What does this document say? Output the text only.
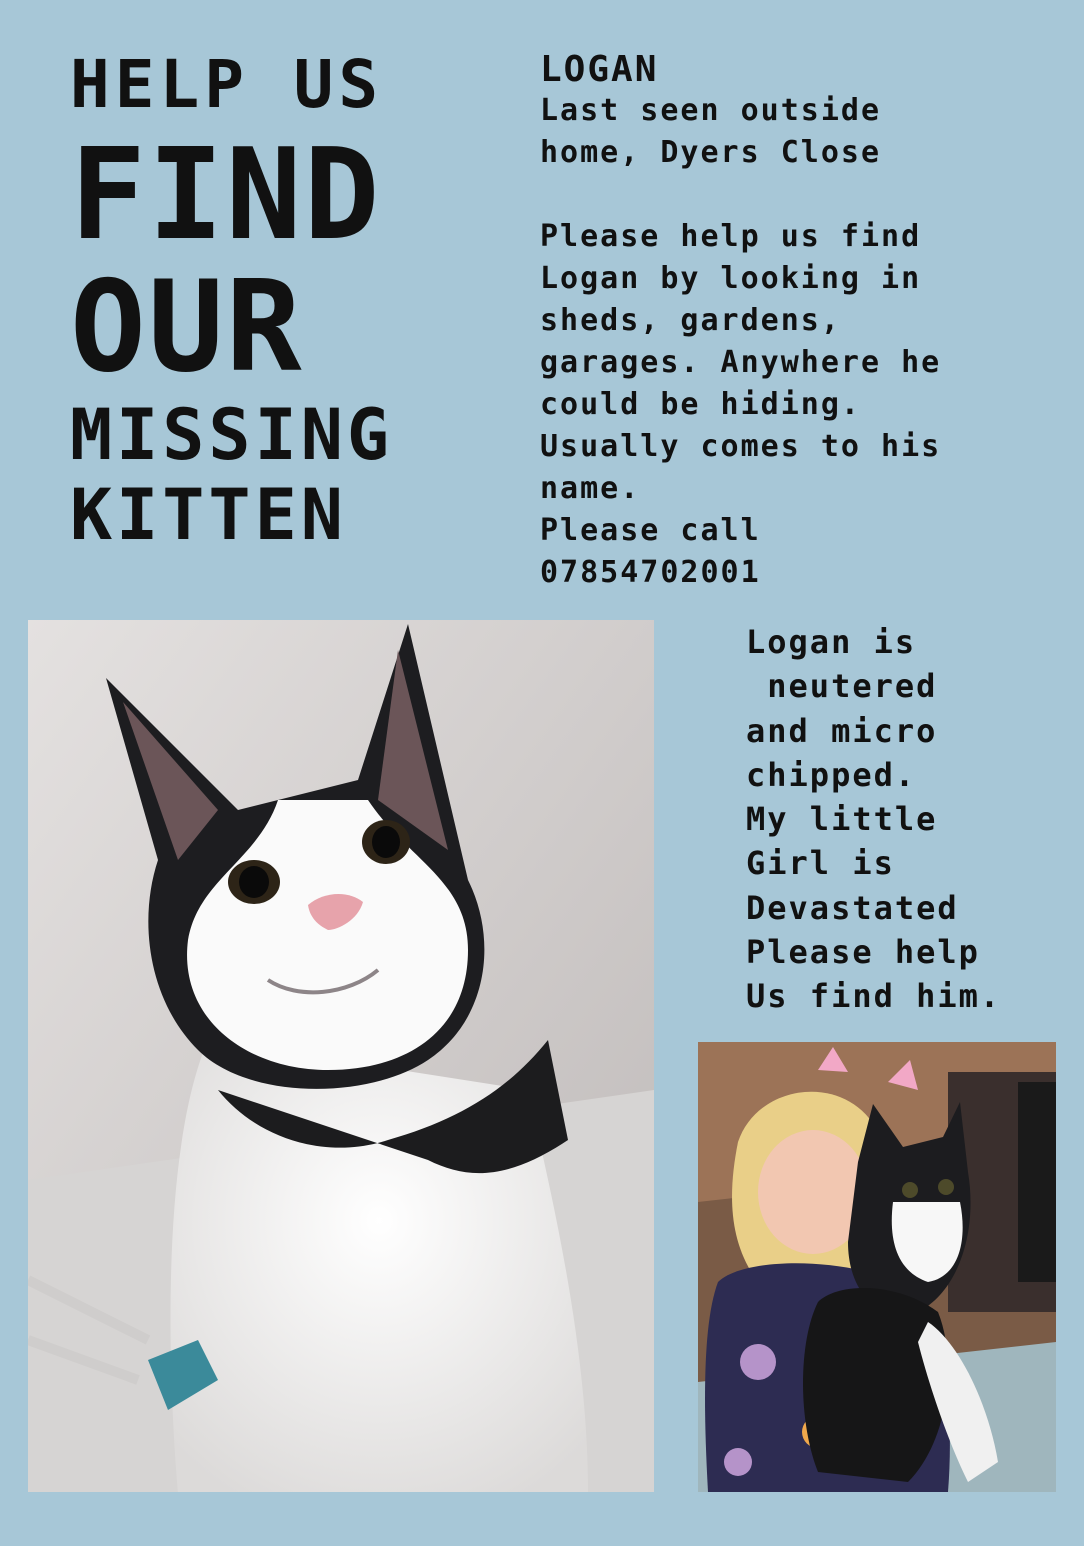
HELP US
FIND
OUR
MISSING
KITTEN

LOGAN

Last seen outside
home, Dyers Close

Please help us find
Logan by looking in
sheds, gardens,
garages. Anywhere he
could be hiding.
Usually comes to his
name.
Please call
07854702001

Logan is
neutered
and micro
chipped.
My little
Girl is
Devastated
Please help
Us find him.
